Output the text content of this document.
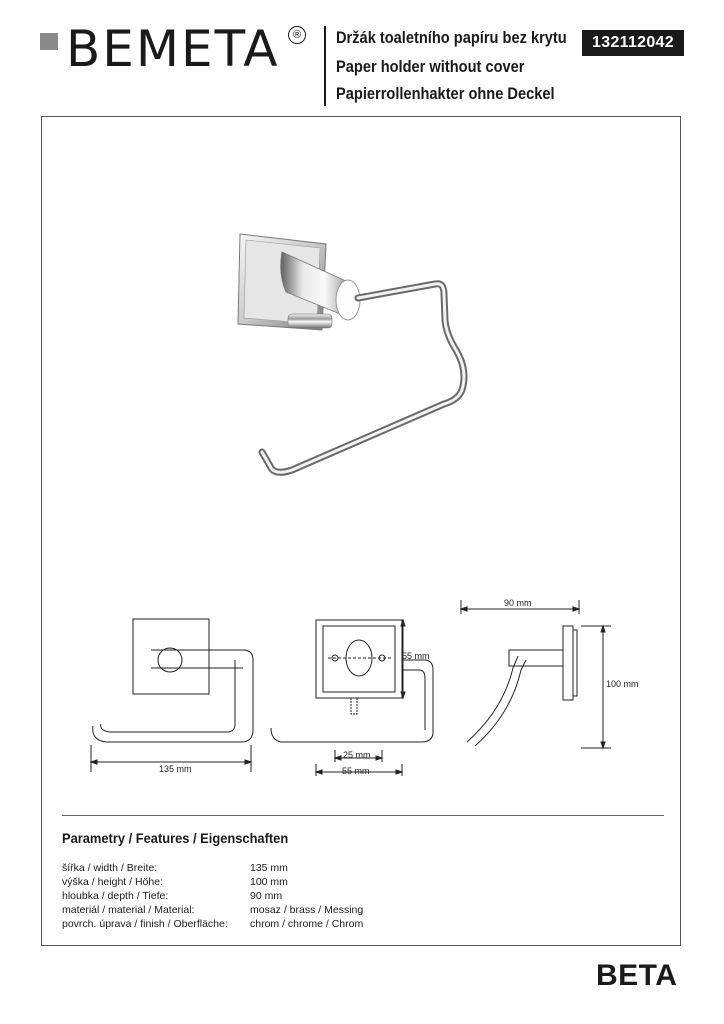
BEMETA	® Držák toaletního papíru bez krytu
Paper holder without cover
Papierrollenhakter ohne Deckel
132112042
135 mm
55 mm
25 mm
55 mm
90 mm
100 mm
Parametry / Features / Eigenschaften
šířka / width / Breite:	135 mm
výška / height / Höhe:	100 mm
hloubka / depth / Tiefe:	90 mm
materiál / material / Material:	mosaz / brass / Messing
povrch. úprava / finish / Oberfläche: chrom / chrome / Chrom
BETA
